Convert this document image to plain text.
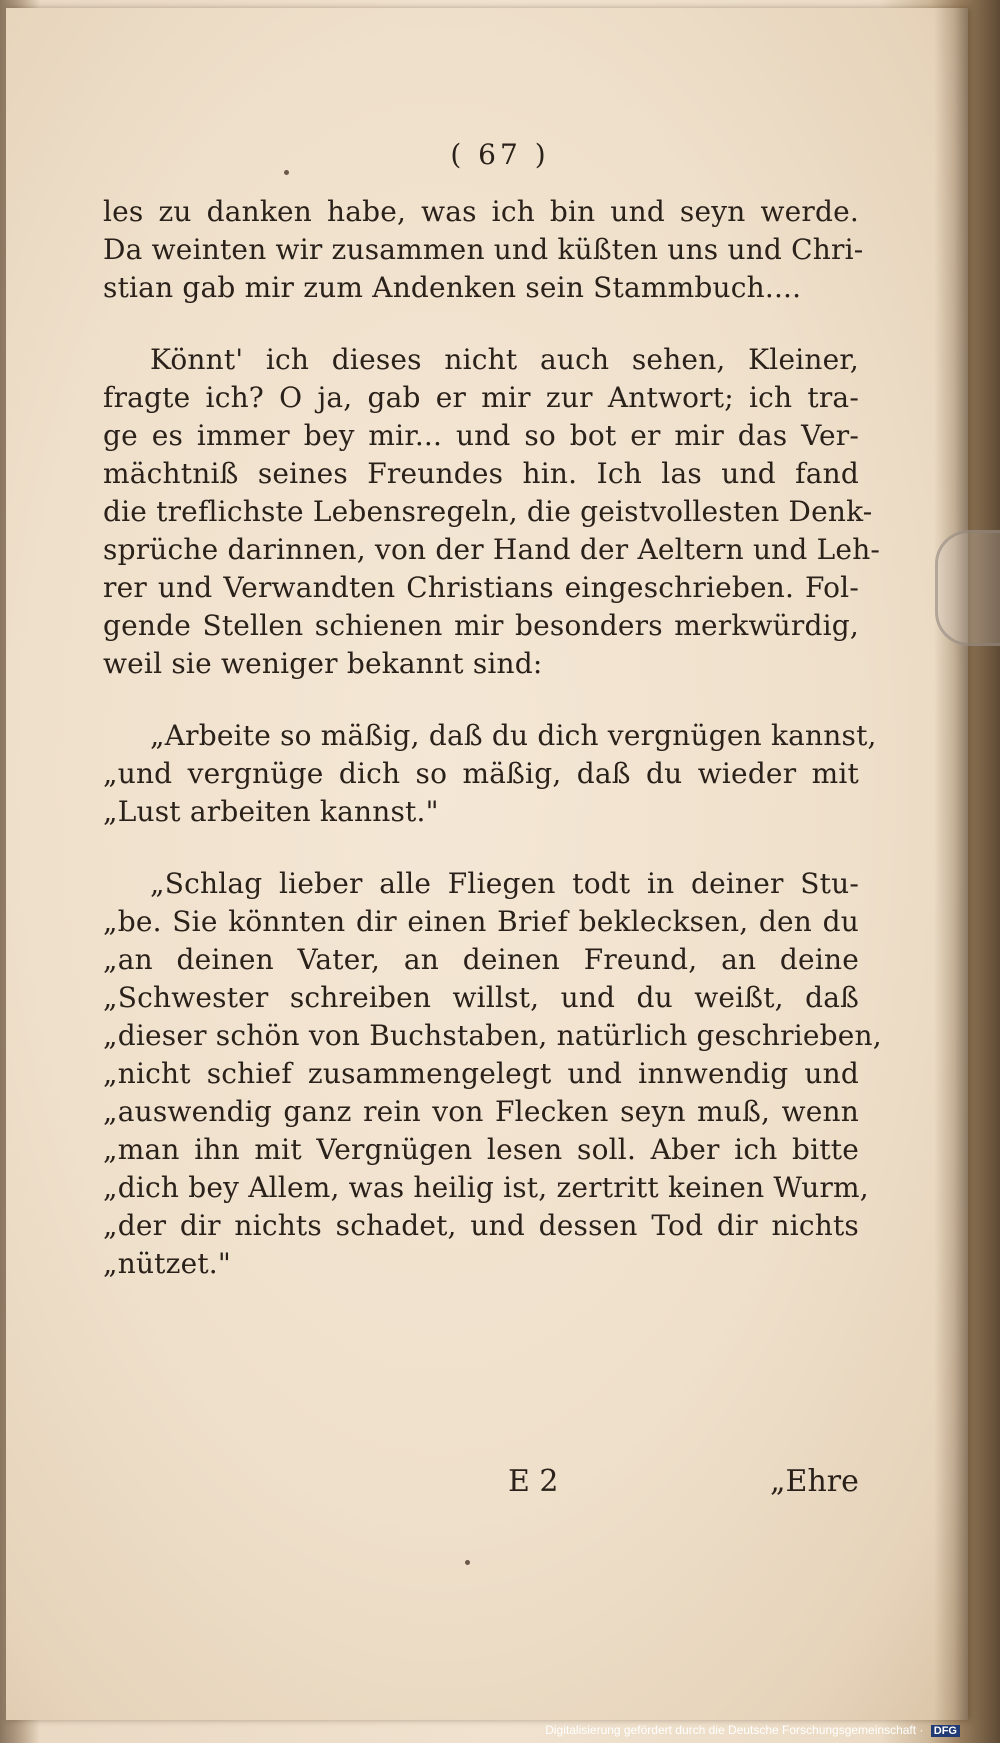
( 67 )
les zu danken habe, was ich bin und seyn werde.
Da weinten wir zusammen und küßten uns und Chri-
stian gab mir zum Andenken sein Stammbuch....
Könnt' ich dieses nicht auch sehen, Kleiner,
fragte ich? O ja, gab er mir zur Antwort; ich tra-
ge es immer bey mir... und so bot er mir das Ver-
mächtniß seines Freundes hin. Ich las und fand
die treflichste Lebensregeln, die geistvollesten Denk-
sprüche darinnen, von der Hand der Aeltern und Leh-
rer und Verwandten Christians eingeschrieben. Fol-
gende Stellen schienen mir besonders merkwürdig,
weil sie weniger bekannt sind:
„Arbeite so mäßig, daß du dich vergnügen kannst,
„und vergnüge dich so mäßig, daß du wieder mit
„Lust arbeiten kannst."
„Schlag lieber alle Fliegen todt in deiner Stu-
„be. Sie könnten dir einen Brief beklecksen, den du
„an deinen Vater, an deinen Freund, an deine
„Schwester schreiben willst, und du weißt, daß
„dieser schön von Buchstaben, natürlich geschrieben,
„nicht schief zusammengelegt und innwendig und
„auswendig ganz rein von Flecken seyn muß, wenn
„man ihn mit Vergnügen lesen soll. Aber ich bitte
„dich bey Allem, was heilig ist, zertritt keinen Wurm,
„der dir nichts schadet, und dessen Tod dir nichts
„nützet."
E 2	„Ehre
Digitalisierung gefördert durch die Deutsche Forschungsgemeinschaft · DFG
